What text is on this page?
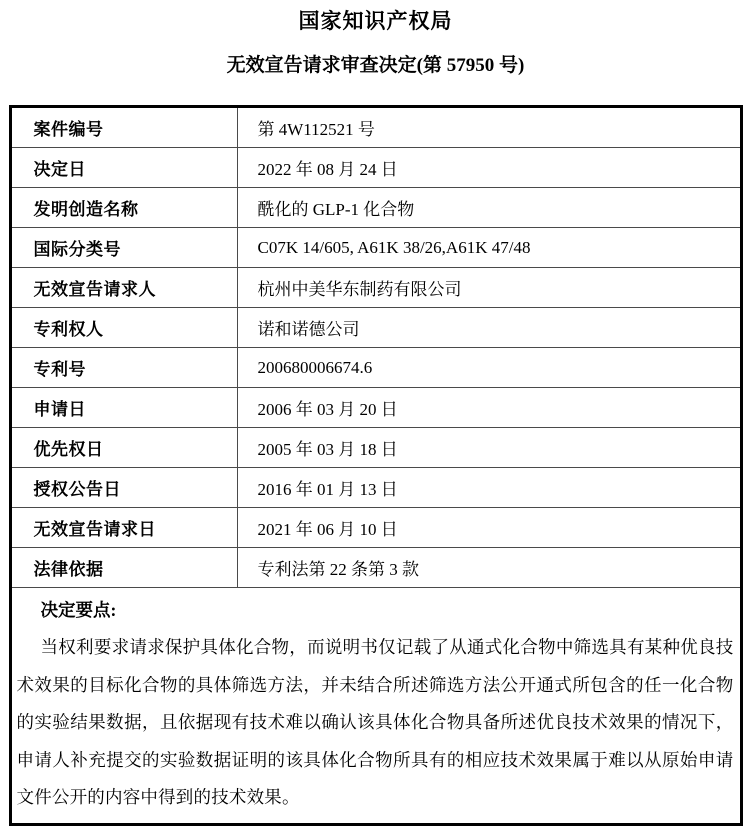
国家知识产权局
无效宣告请求审查决定(第 57950 号)
案件编号	第 4W112521 号
决定日	2022 年 08 月 24 日
发明创造名称	酰化的 GLP-1 化合物
国际分类号	C07K 14/605, A61K 38/26,A61K 47/48
无效宣告请求人	杭州中美华东制药有限公司
专利权人	诺和诺德公司
专利号	200680006674.6
申请日	2006 年 03 月 20 日
优先权日	2005 年 03 月 18 日
授权公告日	2016 年 01 月 13 日
无效宣告请求日	2021 年 06 月 10 日
法律依据	专利法第 22 条第 3 款

决定要点:

当权利要求请求保护具体化合物，而说明书仅记载了从通式化合物中筛选具有某种优良技术效果的目标化合物的具体筛选方法，并未结合所述筛选方法公开通式所包含的任一化合物的实验结果数据，且依据现有技术难以确认该具体化合物具备所述优良技术效果的情况下，申请人补充提交的实验数据证明的该具体化合物所具有的相应技术效果属于难以从原始申请文件公开的内容中得到的技术效果。	
